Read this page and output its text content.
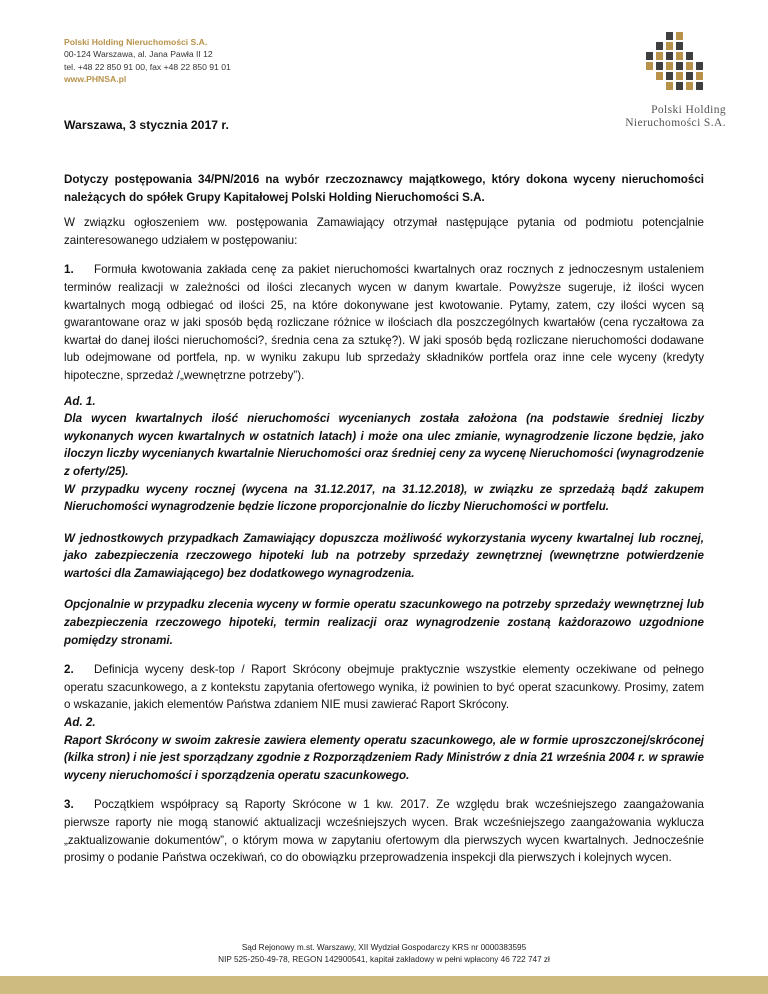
Polski Holding Nieruchomości S.A.
00-124 Warszawa, al. Jana Pawła II 12
tel. +48 22 850 91 00, fax +48 22 850 91 01
www.PHNSA.pl
Polski Holding
Nieruchomości S.A.
Warszawa, 3 stycznia 2017 r.

Dotyczy postępowania 34/PN/2016 na wybór rzeczoznawcy majątkowego, który dokona wyceny nieruchomości należących do spółek Grupy Kapitałowej Polski Holding Nieruchomości S.A.

W związku ogłoszeniem ww. postępowania Zamawiający otrzymał następujące pytania od podmiotu potencjalnie zainteresowanego udziałem w postępowaniu:

1. Formuła kwotowania zakłada cenę za pakiet nieruchomości kwartalnych oraz rocznych z jednoczesnym ustaleniem terminów realizacji w zależności od ilości zlecanych wycen w danym kwartale. Powyższe sugeruje, iż ilości wycen kwartalnych mogą odbiegać od ilości 25, na które dokonywane jest kwotowanie. Pytamy, zatem, czy ilości wycen są gwarantowane oraz w jaki sposób będą rozliczane różnice w ilościach dla poszczególnych kwartałów (cena ryczałtowa za kwartał do danej ilości nieruchomości?, średnia cena za sztukę?). W jaki sposób będą rozliczane nieruchomości dodawane lub odejmowane od portfela, np. w wyniku zakupu lub sprzedaży składników portfela oraz inne cele wyceny (kredyty hipoteczne, sprzedaż /„wewnętrzne potrzeby”).

Ad. 1.

Dla wycen kwartalnych ilość nieruchomości wycenianych została założona (na podstawie średniej liczby wykonanych wycen kwartalnych w ostatnich latach) i może ona ulec zmianie, wynagrodzenie liczone będzie, jako iloczyn liczby wycenianych kwartalnie Nieruchomości oraz średniej ceny za wycenę Nieruchomości (wynagrodzenie z oferty/25).

W przypadku wyceny rocznej (wycena na 31.12.2017, na 31.12.2018), w związku ze sprzedażą bądź zakupem Nieruchomości wynagrodzenie będzie liczone proporcjonalnie do liczby Nieruchomości w portfelu.

W jednostkowych przypadkach Zamawiający dopuszcza możliwość wykorzystania wyceny kwartalnej lub rocznej, jako zabezpieczenia rzeczowego hipoteki lub na potrzeby sprzedaży zewnętrznej (wewnętrzne potwierdzenie wartości dla Zamawiającego) bez dodatkowego wynagrodzenia.

Opcjonalnie w przypadku zlecenia wyceny w formie operatu szacunkowego na potrzeby sprzedaży wewnętrznej lub zabezpieczenia rzeczowego hipoteki, termin realizacji oraz wynagrodzenie zostaną każdorazowo uzgodnione pomiędzy stronami.

2. Definicja wyceny desk-top / Raport Skrócony obejmuje praktycznie wszystkie elementy oczekiwane od pełnego operatu szacunkowego, a z kontekstu zapytania ofertowego wynika, iż powinien to być operat szacunkowy. Prosimy, zatem o wskazanie, jakich elementów Państwa zdaniem NIE musi zawierać Raport Skrócony.

Ad. 2.

Raport Skrócony w swoim zakresie zawiera elementy operatu szacunkowego, ale w formie uproszczonej/skróconej (kilka stron) i nie jest sporządzany zgodnie z Rozporządzeniem Rady Ministrów z dnia 21 września 2004 r. w sprawie wyceny nieruchomości i sporządzenia operatu szacunkowego.

3. Początkiem współpracy są Raporty Skrócone w 1 kw. 2017. Ze względu brak wcześniejszego zaangażowania pierwsze raporty nie mogą stanowić aktualizacji wcześniejszych wycen. Brak wcześniejszego zaangażowania wyklucza „zaktualizowanie dokumentów”, o którym mowa w zapytaniu ofertowym dla pierwszych wycen kwartalnych. Jednocześnie prosimy o podanie Państwa oczekiwań, co do obowiązku przeprowadzenia inspekcji dla pierwszych i kolejnych wycen.

Sąd Rejonowy m.st. Warszawy, XII Wydział Gospodarczy KRS nr 0000383595
NIP 525-250-49-78, REGON 142900541, kapitał zakładowy w pełni wpłacony 46 722 747 zł
